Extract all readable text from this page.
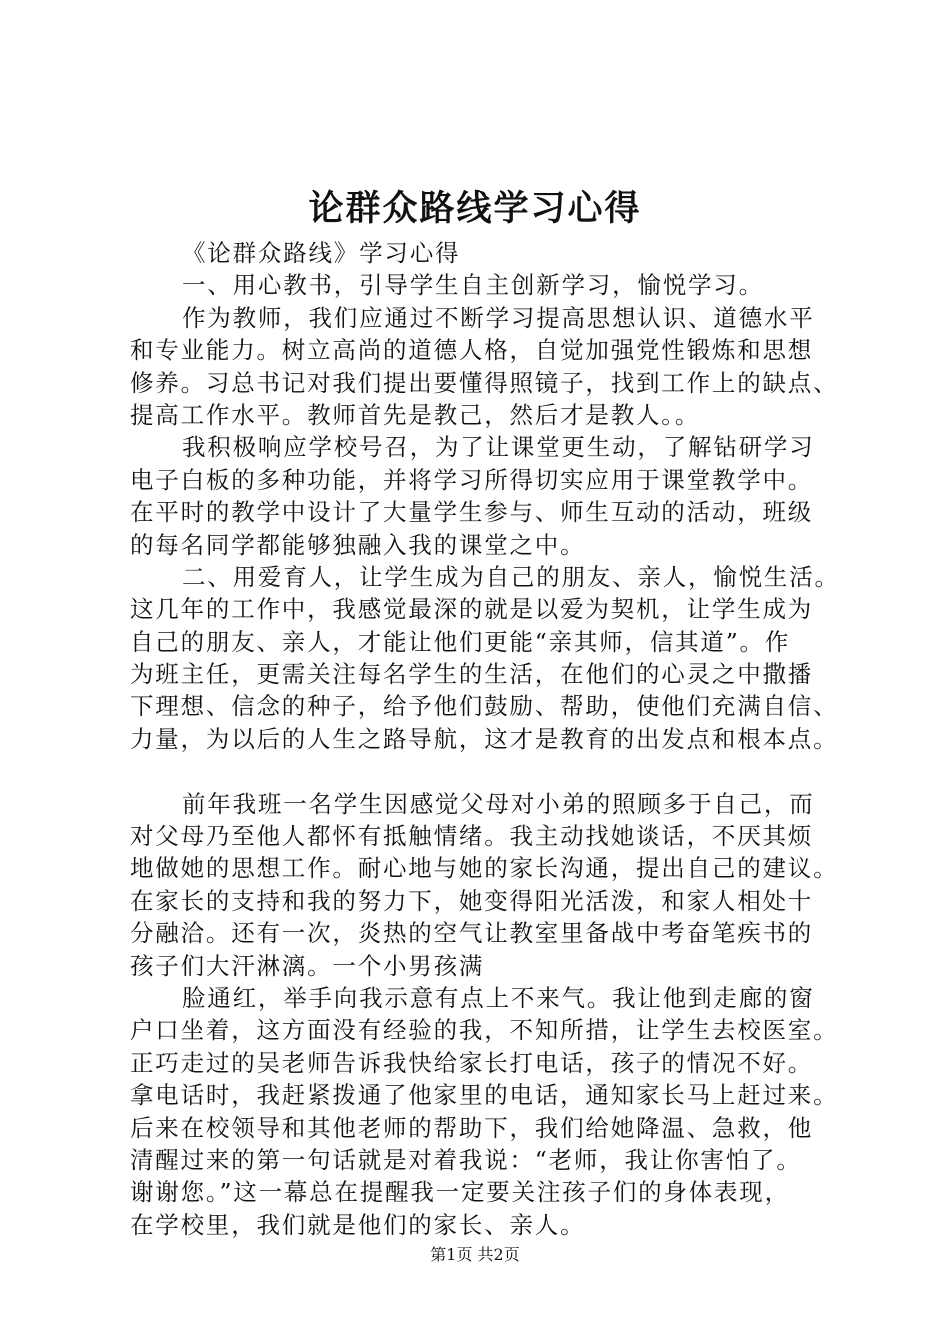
论群众路线学习心得
《论群众路线》学习心得
一、用心教书，引导学生自主创新学习，愉悦学习。
作为教师，我们应通过不断学习提高思想认识、道德水平
和专业能力。树立高尚的道德人格，自觉加强党性锻炼和思想
修养。习总书记对我们提出要懂得照镜子，找到工作上的缺点、
提高工作水平。教师首先是教己，然后才是教人。。
我积极响应学校号召，为了让课堂更生动，了解钻研学习
电子白板的多种功能，并将学习所得切实应用于课堂教学中。
在平时的教学中设计了大量学生参与、师生互动的活动，班级
的每名同学都能够独融入我的课堂之中。
二、用爱育人，让学生成为自己的朋友、亲人，愉悦生活。
这几年的工作中，我感觉最深的就是以爱为契机，让学生成为
自己的朋友、亲人，才能让他们更能“亲其师，信其道”。作
为班主任，更需关注每名学生的生活，在他们的心灵之中撒播
下理想、信念的种子，给予他们鼓励、帮助，使他们充满自信、
力量，为以后的人生之路导航，这才是教育的出发点和根本点。
前年我班一名学生因感觉父母对小弟的照顾多于自己，而
对父母乃至他人都怀有抵触情绪。我主动找她谈话，不厌其烦
地做她的思想工作。耐心地与她的家长沟通，提出自己的建议。
在家长的支持和我的努力下，她变得阳光活泼，和家人相处十
分融洽。还有一次，炎热的空气让教室里备战中考奋笔疾书的
孩子们大汗淋漓。一个小男孩满
脸通红，举手向我示意有点上不来气。我让他到走廊的窗
户口坐着，这方面没有经验的我，不知所措，让学生去校医室。
正巧走过的吴老师告诉我快给家长打电话，孩子的情况不好。
拿电话时，我赶紧拨通了他家里的电话，通知家长马上赶过来。
后来在校领导和其他老师的帮助下，我们给她降温、急救，他
清醒过来的第一句话就是对着我说：“老师，我让你害怕了。
谢谢您。”这一幕总在提醒我一定要关注孩子们的身体表现，
在学校里，我们就是他们的家长、亲人。
第1页 共2页
